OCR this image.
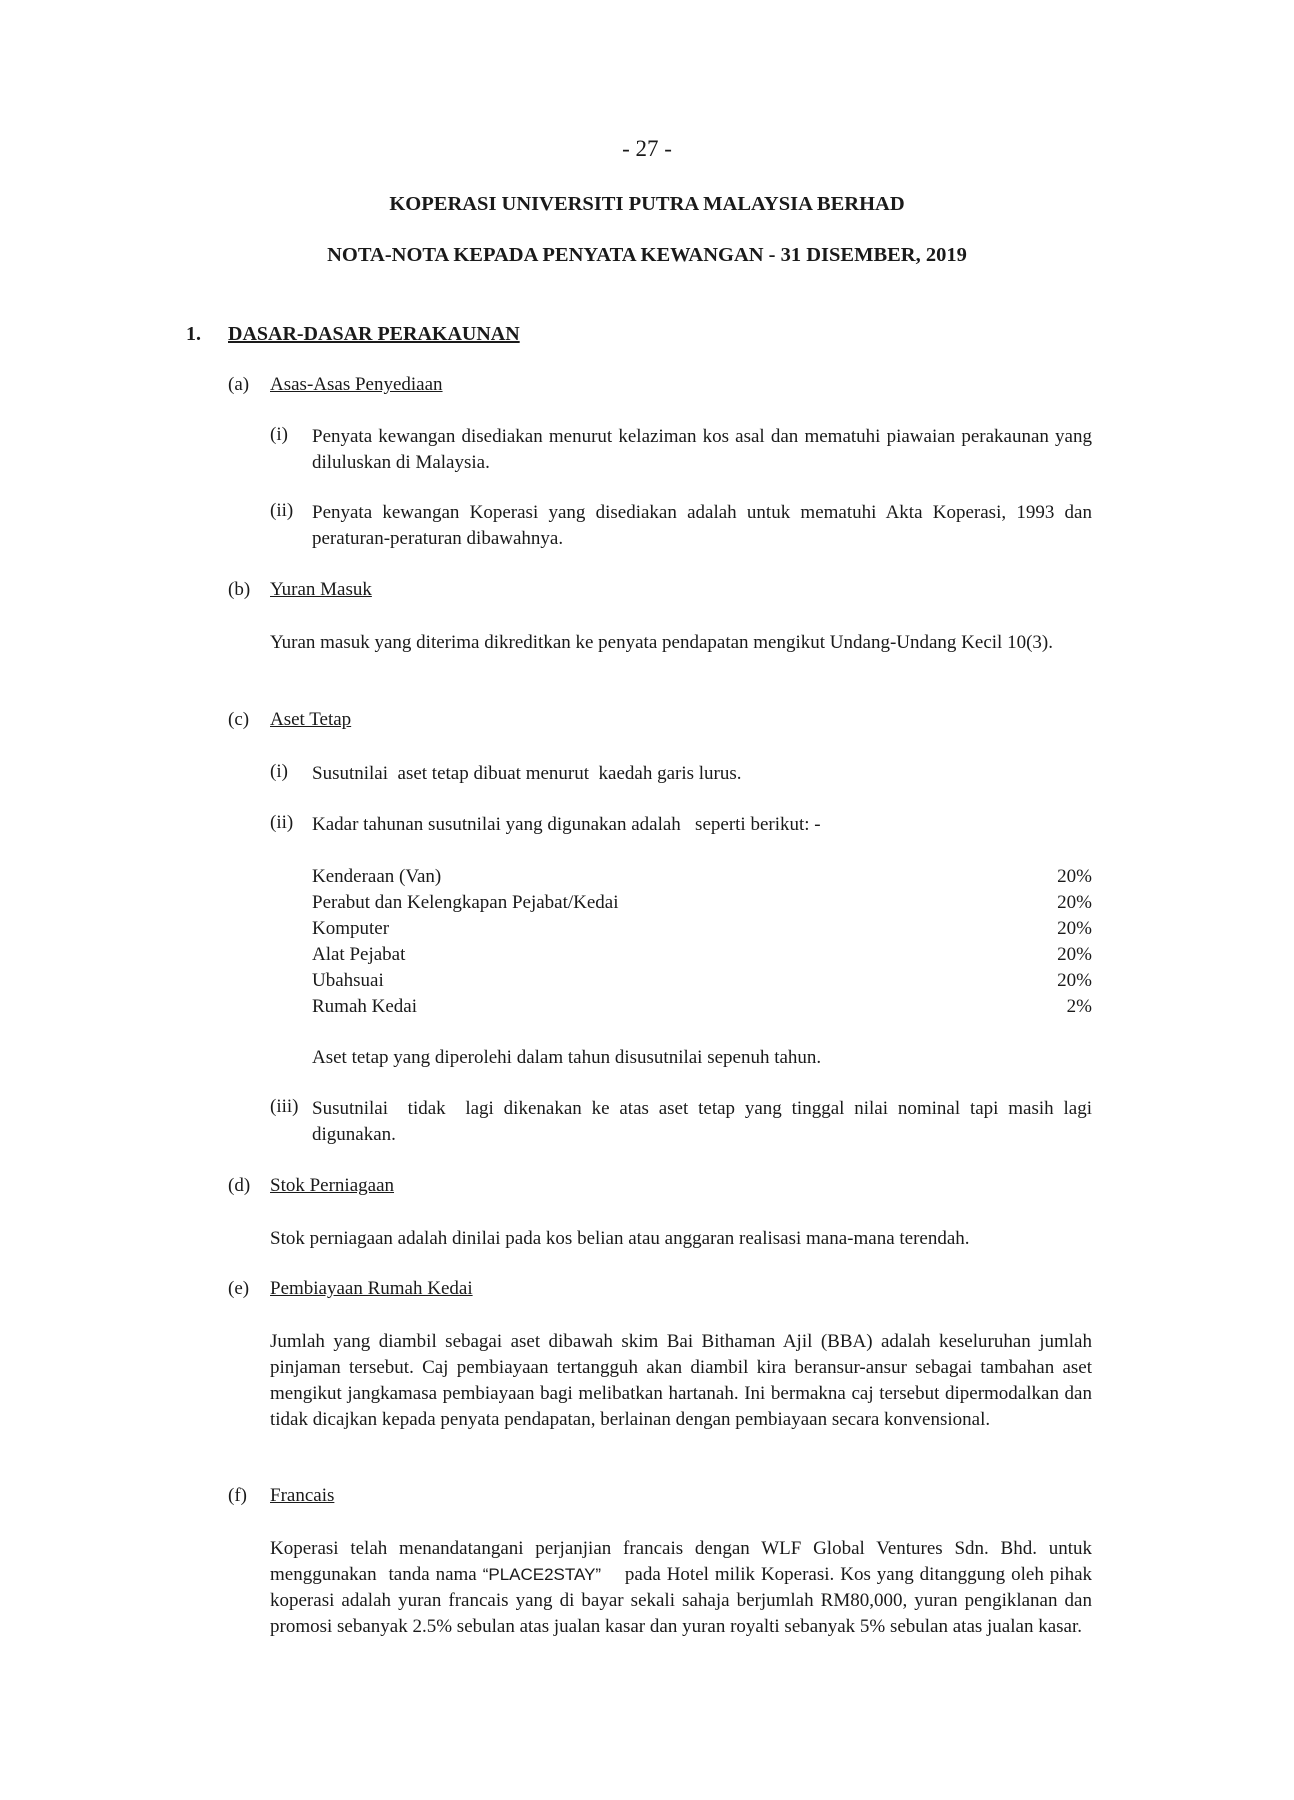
- 27 -
KOPERASI UNIVERSITI PUTRA MALAYSIA BERHAD
NOTA-NOTA KEPADA PENYATA KEWANGAN - 31 DISEMBER, 2019
1. DASAR-DASAR PERAKAUNAN
(a) Asas-Asas Penyediaan
(i) Penyata kewangan disediakan menurut kelaziman kos asal dan mematuhi piawaian perakaunan yang diluluskan di Malaysia.
(ii) Penyata kewangan Koperasi yang disediakan adalah untuk mematuhi Akta Koperasi, 1993 dan peraturan-peraturan dibawahnya.
(b) Yuran Masuk
Yuran masuk yang diterima dikreditkan ke penyata pendapatan mengikut Undang-Undang Kecil 10(3).
(c) Aset Tetap
(i) Susutnilai  aset tetap dibuat menurut  kaedah garis lurus.
(ii) Kadar tahunan susutnilai yang digunakan adalah   seperti berikut: -
Kenderaan (Van)	20%
Perabut dan Kelengkapan Pejabat/Kedai	20%
Komputer	20%
Alat Pejabat	20%
Ubahsuai	20%
Rumah Kedai	2%
Aset tetap yang diperolehi dalam tahun disusutnilai sepenuh tahun.
(iii) Susutnilai  tidak  lagi dikenakan ke atas aset tetap yang tinggal nilai nominal tapi masih lagi digunakan.
(d) Stok Perniagaan
Stok perniagaan adalah dinilai pada kos belian atau anggaran realisasi mana-mana terendah.
(e) Pembiayaan Rumah Kedai
Jumlah yang diambil sebagai aset dibawah skim Bai Bithaman Ajil (BBA) adalah keseluruhan jumlah pinjaman tersebut. Caj pembiayaan tertangguh akan diambil kira beransur-ansur sebagai tambahan aset mengikut jangkamasa pembiayaan bagi melibatkan hartanah. Ini bermakna caj tersebut dipermodalkan dan tidak dicajkan kepada penyata pendapatan, berlainan dengan pembiayaan secara konvensional.
(f) Francais
Koperasi telah menandatangani perjanjian francais dengan WLF Global Ventures Sdn. Bhd. untuk menggunakan  tanda nama “PLACE2STAY”    pada Hotel milik Koperasi. Kos yang ditanggung oleh pihak koperasi adalah yuran francais yang di bayar sekali sahaja berjumlah RM80,000, yuran pengiklanan dan promosi sebanyak 2.5% sebulan atas jualan kasar dan yuran royalti sebanyak 5% sebulan atas jualan kasar.
